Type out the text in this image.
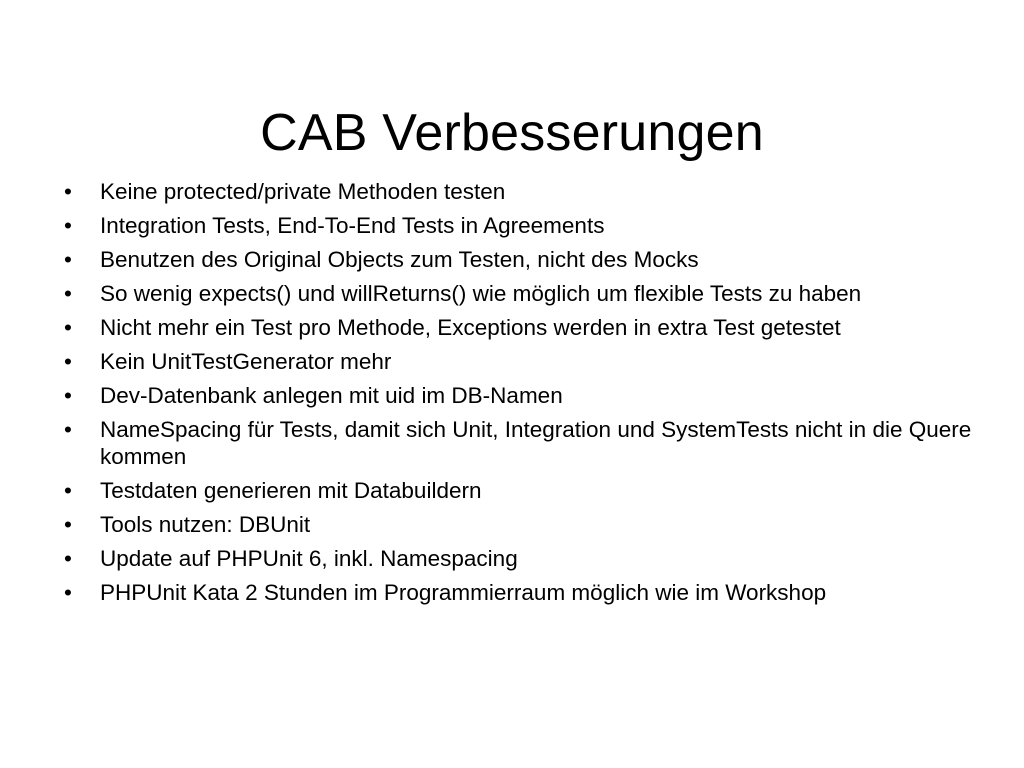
CAB Verbesserungen
• Keine protected/private Methoden testen
• Integration Tests, End-To-End Tests in Agreements
• Benutzen des Original Objects zum Testen, nicht des Mocks
• So wenig expects() und willReturns() wie möglich um flexible Tests zu haben
• Nicht mehr ein Test pro Methode, Exceptions werden in extra Test getestet
• Kein UnitTestGenerator mehr
• Dev-Datenbank anlegen mit uid im DB-Namen
• NameSpacing für Tests, damit sich Unit, Integration und SystemTests nicht in die Quere kommen
• Testdaten generieren mit Databuildern
• Tools nutzen: DBUnit
• Update auf PHPUnit 6, inkl. Namespacing
• PHPUnit Kata 2 Stunden im Programmierraum möglich wie im Workshop
